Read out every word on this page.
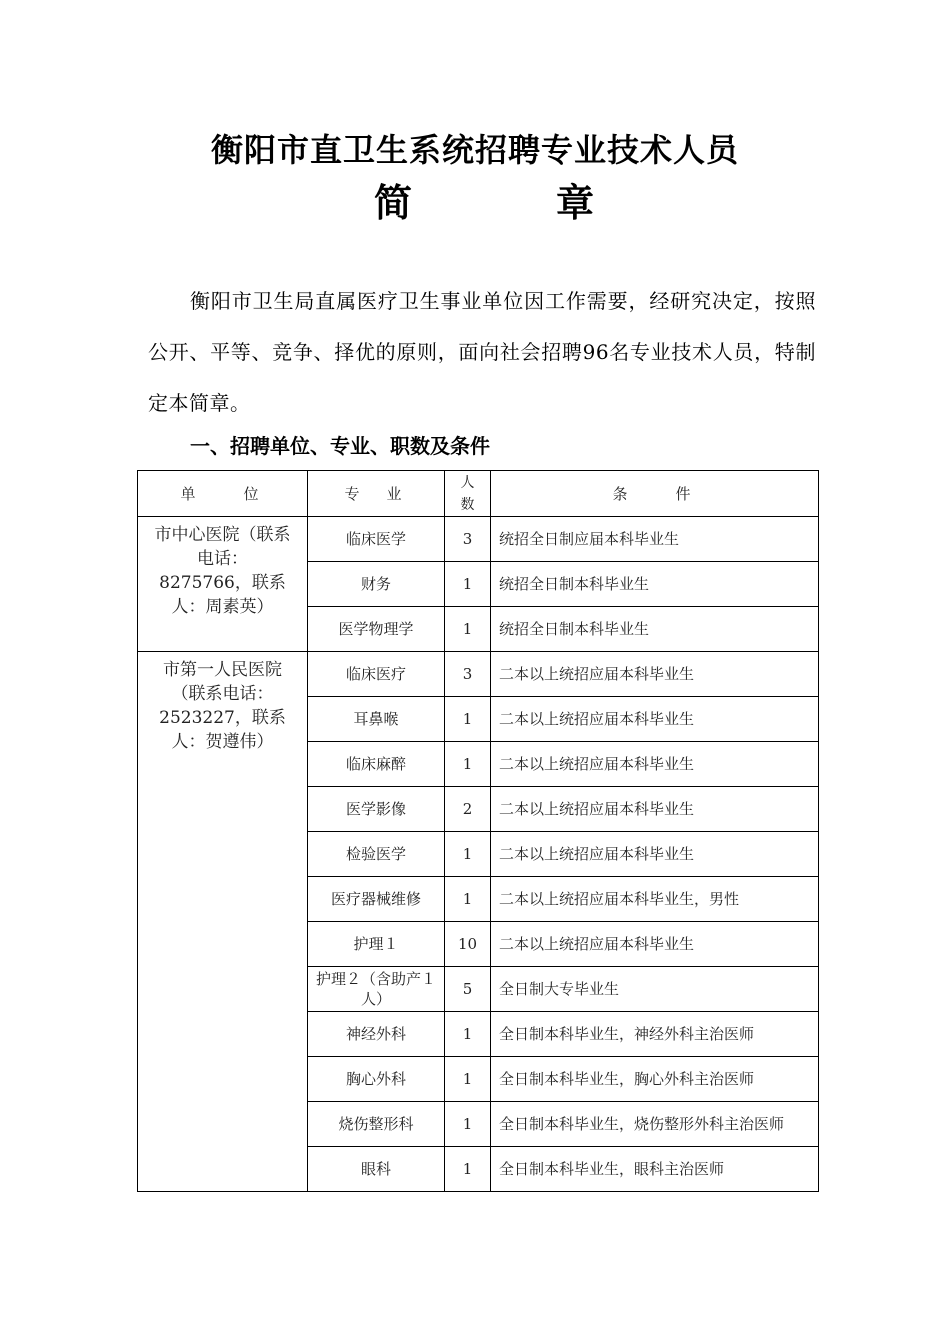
衡阳市直卫生系统招聘专业技术人员
简	章
衡阳市卫生局直属医疗卫生事业单位因工作需要，经研究决定，按照公开、平等、竞争、择优的原则，面向社会招聘96名专业技术人员，特制定本简章。
一、招聘单位、专业、职数及条件
单　　位	专　业	人数	条　　件

市中心医院（联系电话：8275766，联系人：周素英）	临床医学	3	统招全日制应届本科毕业生
	财务	1	统招全日制本科毕业生
	医学物理学	1	统招全日制本科毕业生

市第一人民医院（联系电话：2523227，联系人：贺遵伟）	临床医疗	3	二本以上统招应届本科毕业生
	耳鼻喉	1	二本以上统招应届本科毕业生
	临床麻醉	1	二本以上统招应届本科毕业生
	医学影像	2	二本以上统招应届本科毕业生
	检验医学	1	二本以上统招应届本科毕业生
	医疗器械维修	1	二本以上统招应届本科毕业生，男性
	护理１	10	二本以上统招应届本科毕业生
	护理２（含助产１人）	5	全日制大专毕业生
	神经外科	1	全日制本科毕业生，神经外科主治医师
	胸心外科	1	全日制本科毕业生，胸心外科主治医师
	烧伤整形科	1	全日制本科毕业生，烧伤整形外科主治医师
	眼科	1	全日制本科毕业生，眼科主治医师
